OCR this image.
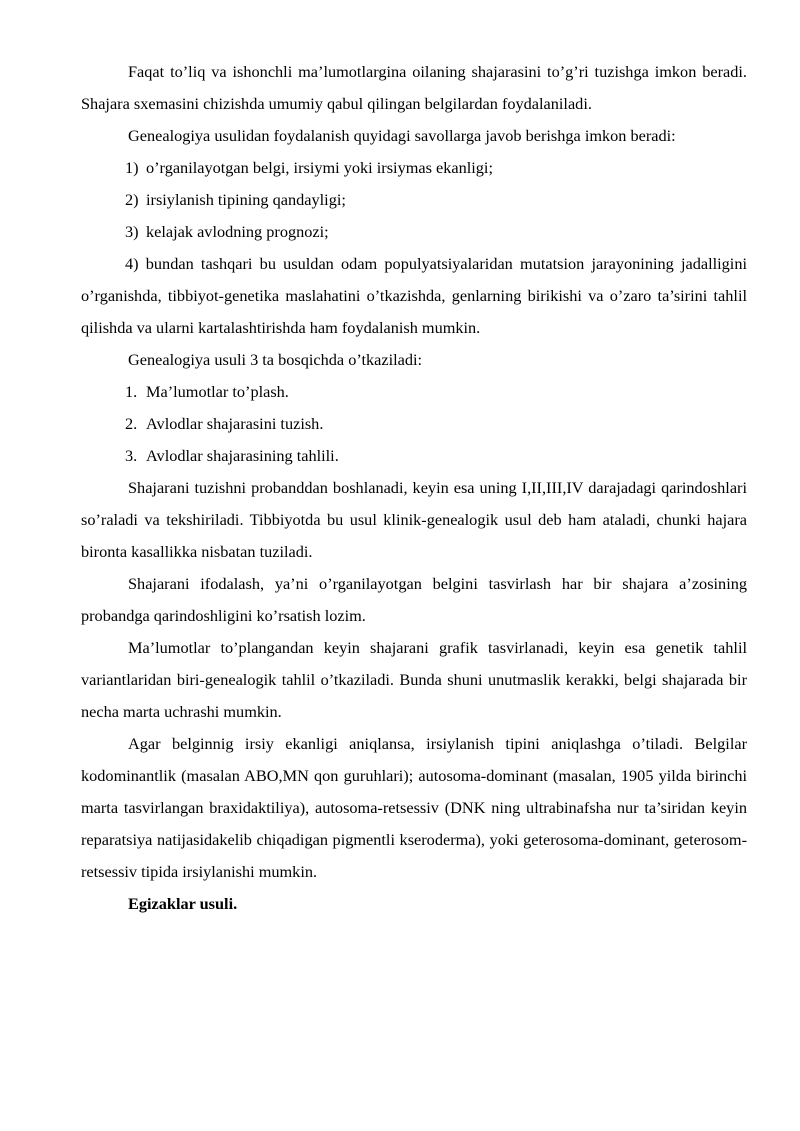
Faqat to’liq va ishonchli ma’lumotlargina oilaning shajarasini to’g’ri tuzishga imkon beradi. Shajara sxemasini chizishda umumiy qabul qilingan belgilardan foydalaniladi.

Genealogiya usulidan foydalanish quyidagi savollarga javob berishga imkon beradi:

1) o’rganilayotgan belgi, irsiymi yoki irsiymas ekanligi;

2) irsiylanish tipining qandayligi;

3) kelajak avlodning prognozi;

4) bundan tashqari bu usuldan odam populyatsiyalaridan mutatsion jarayonining jadalligini o’rganishda, tibbiyot-genetika maslahatini o’tkazishda, genlarning birikishi va o’zaro ta’sirini tahlil qilishda va ularni kartalashtirishda ham foydalanish mumkin.

Genealogiya usuli 3 ta bosqichda o’tkaziladi:

1. Ma’lumotlar to’plash.

2. Avlodlar shajarasini tuzish.

3. Avlodlar shajarasining tahlili.

Shajarani tuzishni probanddan boshlanadi, keyin esa uning I,II,III,IV darajadagi qarindoshlari so’raladi va tekshiriladi. Tibbiyotda bu usul klinik-genealogik usul deb ham ataladi, chunki hajara bironta kasallikka nisbatan tuziladi.

Shajarani ifodalash, ya’ni o’rganilayotgan belgini tasvirlash har bir shajara a’zosining probandga qarindoshligini ko’rsatish lozim.

Ma’lumotlar to’plangandan keyin shajarani grafik tasvirlanadi, keyin esa genetik tahlil variantlaridan biri-genealogik tahlil o’tkaziladi. Bunda shuni unutmaslik kerakki, belgi shajarada bir necha marta uchrashi mumkin.

Agar belginnig irsiy ekanligi aniqlansa, irsiylanish tipini aniqlashga o’tiladi. Belgilar kodominantlik (masalan ABO,MN qon guruhlari); autosoma-dominant (masalan, 1905 yilda birinchi marta tasvirlangan braxidaktiliya), autosoma-retsessiv (DNK ning ultrabinafsha nur ta’siridan keyin reparatsiya natijasidakelib chiqadigan pigmentli kseroderma), yoki geterosoma-dominant, geterosom-retsessiv tipida irsiylanishi mumkin.

Egizaklar usuli.
